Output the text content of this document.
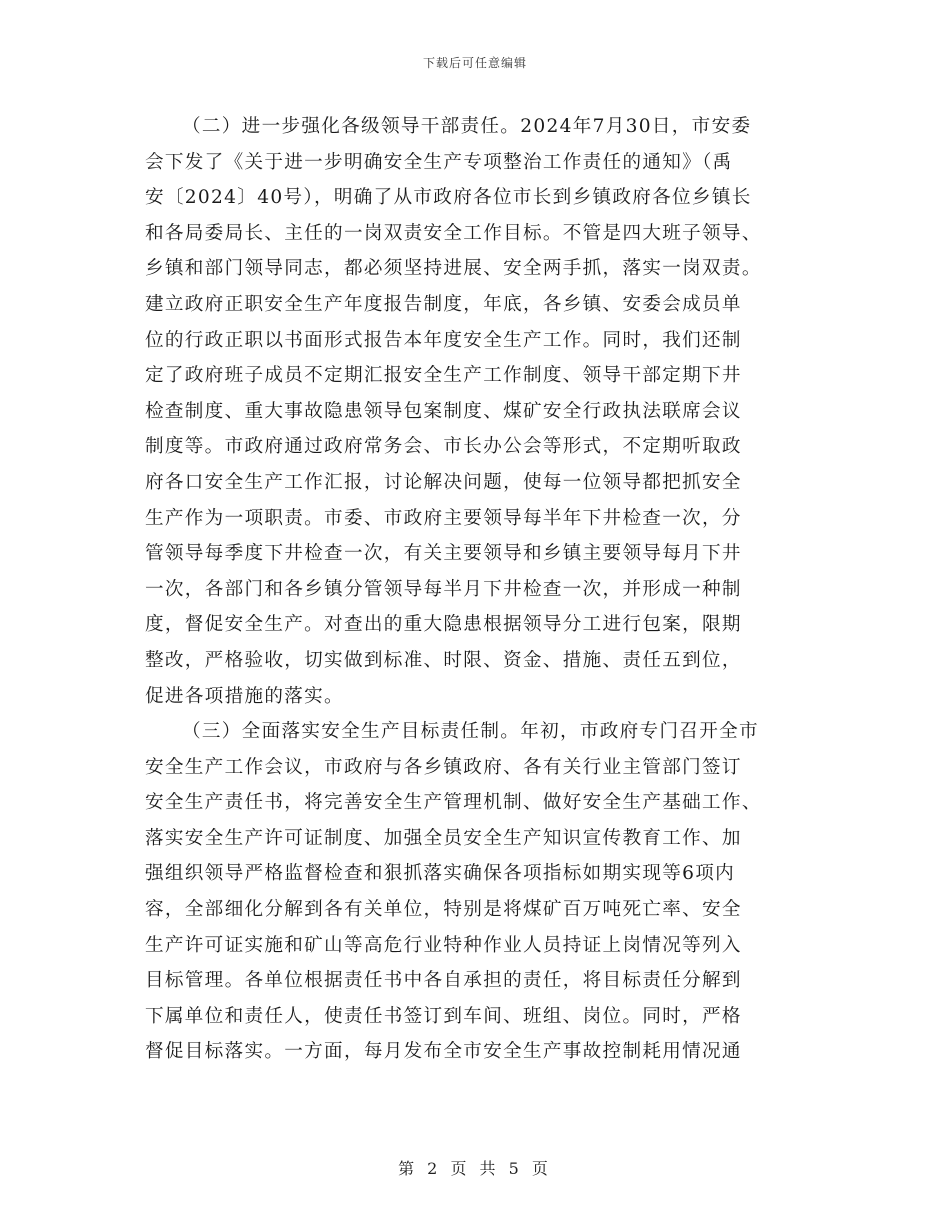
下载后可任意编辑
（二）进一步强化各级领导干部责任。2024年7月30日，市安委
会下发了《关于进一步明确安全生产专项整治工作责任的通知》（禹
安〔2024〕40号），明确了从市政府各位市长到乡镇政府各位乡镇长
和各局委局长、主任的一岗双责安全工作目标。不管是四大班子领导、
乡镇和部门领导同志，都必须坚持进展、安全两手抓，落实一岗双责。
建立政府正职安全生产年度报告制度，年底，各乡镇、安委会成员单
位的行政正职以书面形式报告本年度安全生产工作。同时，我们还制
定了政府班子成员不定期汇报安全生产工作制度、领导干部定期下井
检查制度、重大事故隐患领导包案制度、煤矿安全行政执法联席会议
制度等。市政府通过政府常务会、市长办公会等形式，不定期听取政
府各口安全生产工作汇报，讨论解决问题，使每一位领导都把抓安全
生产作为一项职责。市委、市政府主要领导每半年下井检查一次，分
管领导每季度下井检查一次，有关主要领导和乡镇主要领导每月下井
一次，各部门和各乡镇分管领导每半月下井检查一次，并形成一种制
度，督促安全生产。对查出的重大隐患根据领导分工进行包案，限期
整改，严格验收，切实做到标准、时限、资金、措施、责任五到位，
促进各项措施的落实。
（三）全面落实安全生产目标责任制。年初，市政府专门召开全市
安全生产工作会议，市政府与各乡镇政府、各有关行业主管部门签订
安全生产责任书，将完善安全生产管理机制、做好安全生产基础工作、
落实安全生产许可证制度、加强全员安全生产知识宣传教育工作、加
强组织领导严格监督检查和狠抓落实确保各项指标如期实现等6项内
容，全部细化分解到各有关单位，特别是将煤矿百万吨死亡率、安全
生产许可证实施和矿山等高危行业特种作业人员持证上岗情况等列入
目标管理。各单位根据责任书中各自承担的责任，将目标责任分解到
下属单位和责任人，使责任书签订到车间、班组、岗位。同时，严格
督促目标落实。一方面，每月发布全市安全生产事故控制耗用情况通
第 2 页 共 5 页
